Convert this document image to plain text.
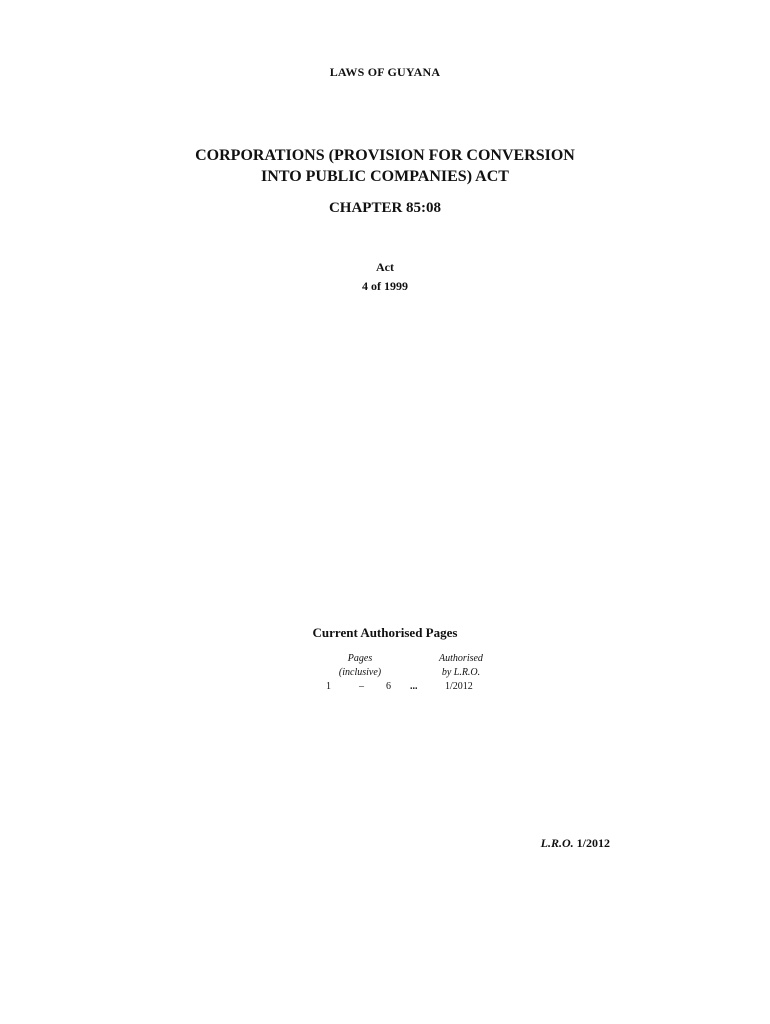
LAWS OF GUYANA
CORPORATIONS (PROVISION FOR CONVERSION
INTO PUBLIC COMPANIES) ACT
CHAPTER 85:08
Act
4 of 1999
Current Authorised Pages
Pages
(inclusive)
Authorised
by L.R.O.
1	– 6 ...	1/2012
L.R.O. 1/2012
